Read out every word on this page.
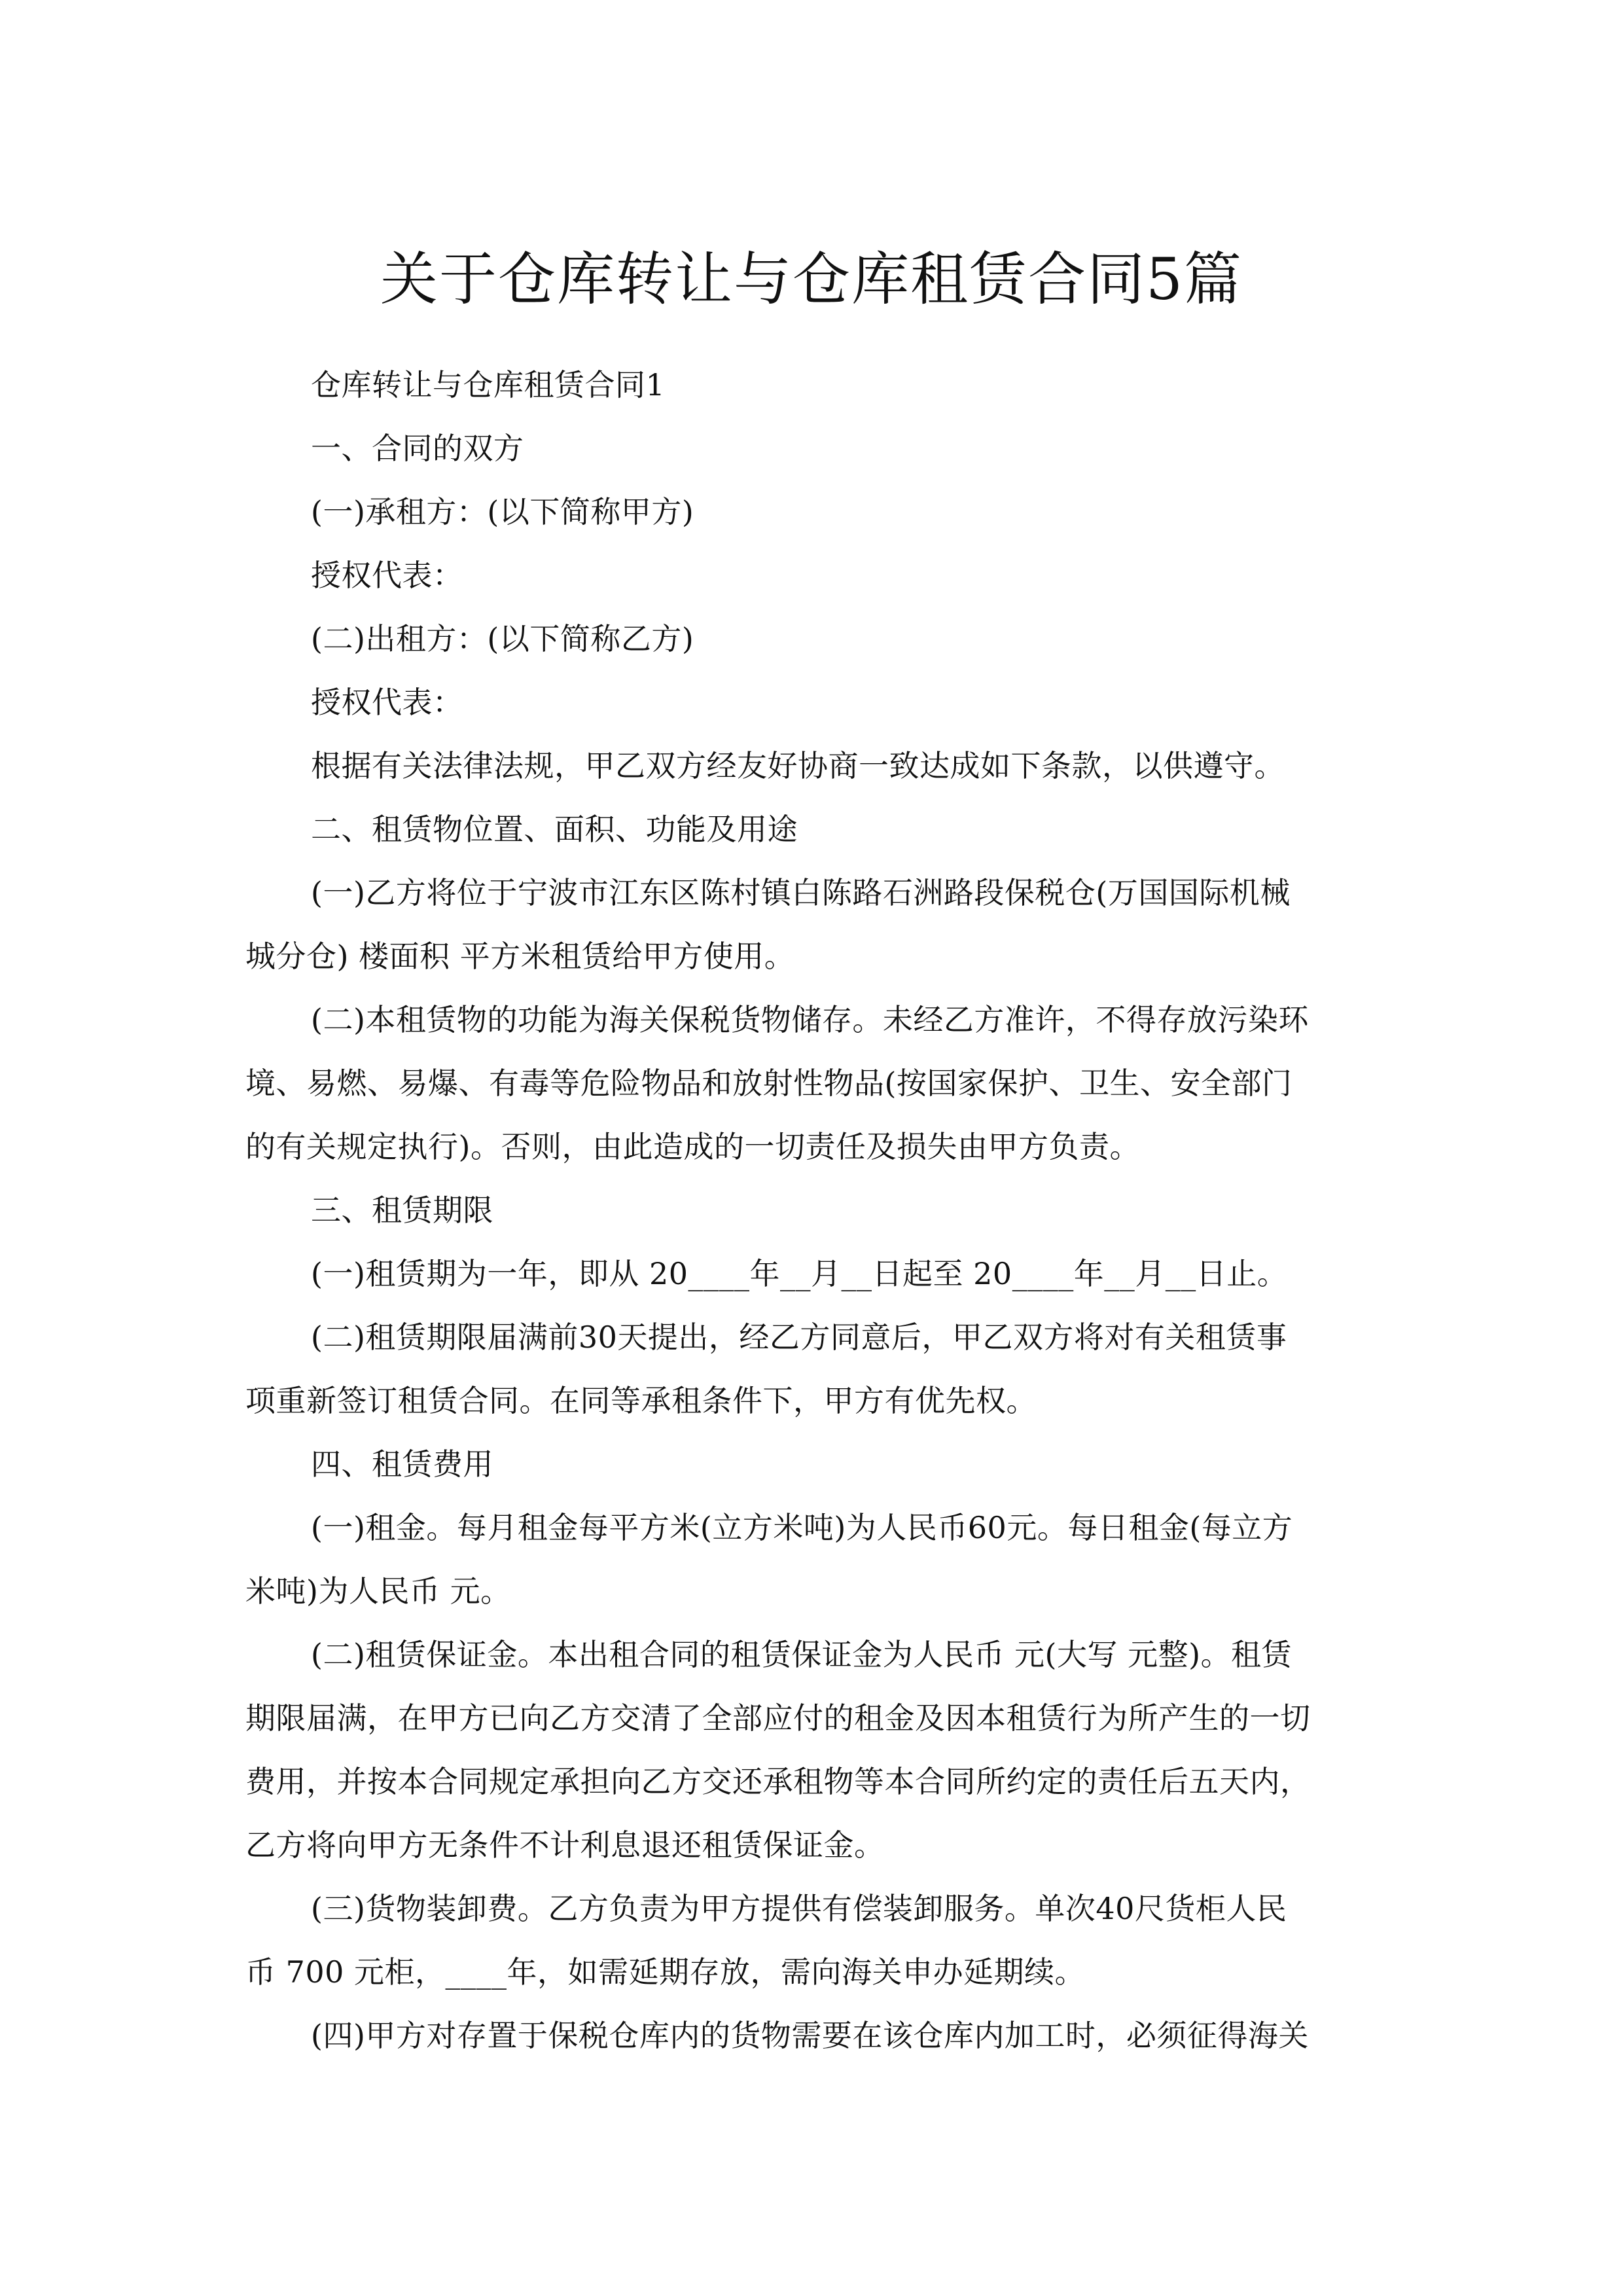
关于仓库转让与仓库租赁合同5篇
仓库转让与仓库租赁合同1
一、合同的双方
(一)承租方：(以下简称甲方)
授权代表：
(二)出租方：(以下简称乙方)
授权代表：
根据有关法律法规，甲乙双方经友好协商一致达成如下条款，以供遵守。
二、租赁物位置、面积、功能及用途
(一)乙方将位于宁波市江东区陈村镇白陈路石洲路段保税仓(万国国际机械
城分仓) 楼面积 平方米租赁给甲方使用。
(二)本租赁物的功能为海关保税货物储存。未经乙方准许，不得存放污染环
境、易燃、易爆、有毒等危险物品和放射性物品(按国家保护、卫生、安全部门
的有关规定执行)。否则，由此造成的一切责任及损失由甲方负责。
三、租赁期限
(一)租赁期为一年，即从 20____年__月__日起至 20____年__月__日止。
(二)租赁期限届满前30天提出，经乙方同意后，甲乙双方将对有关租赁事
项重新签订租赁合同。在同等承租条件下，甲方有优先权。
四、租赁费用
(一)租金。每月租金每平方米(立方米吨)为人民币60元。每日租金(每立方
米吨)为人民币 元。
(二)租赁保证金。本出租合同的租赁保证金为人民币 元(大写 元整)。租赁
期限届满，在甲方已向乙方交清了全部应付的租金及因本租赁行为所产生的一切
费用，并按本合同规定承担向乙方交还承租物等本合同所约定的责任后五天内，
乙方将向甲方无条件不计利息退还租赁保证金。
(三)货物装卸费。乙方负责为甲方提供有偿装卸服务。单次40尺货柜人民
币 700 元柜，____年，如需延期存放，需向海关申办延期续。
(四)甲方对存置于保税仓库内的货物需要在该仓库内加工时，必须征得海关
